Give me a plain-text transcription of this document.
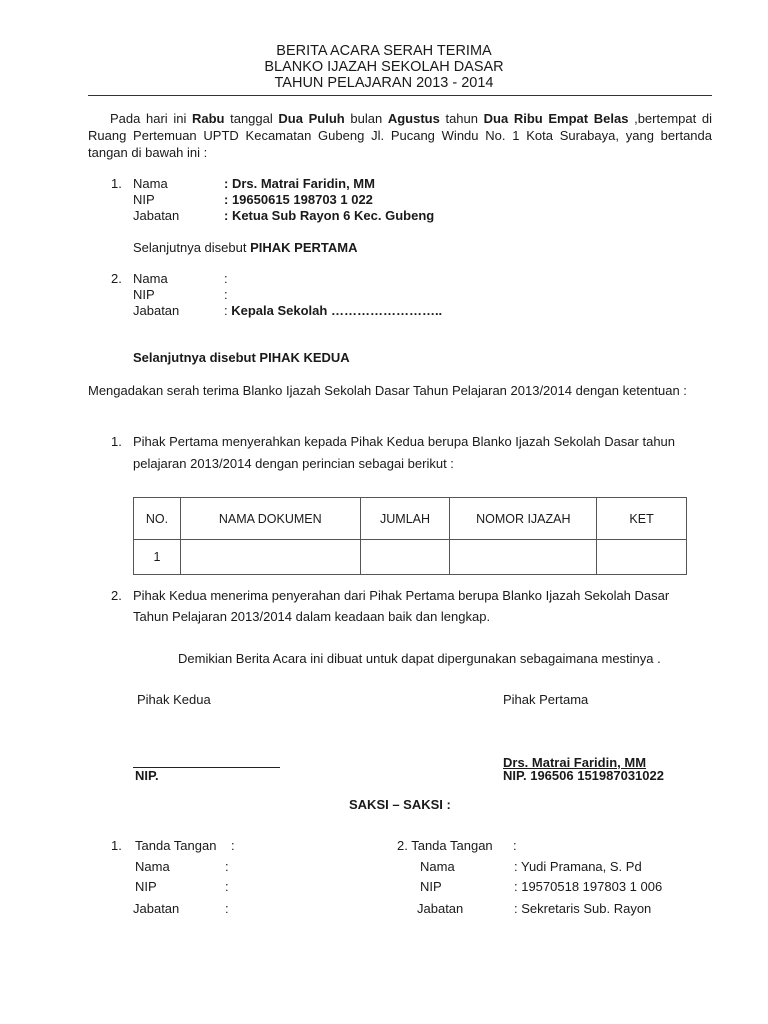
BERITA ACARA SERAH TERIMA
BLANKO IJAZAH SEKOLAH DASAR
TAHUN PELAJARAN 2013 - 2014
Pada hari ini Rabu tanggal Dua Puluh bulan Agustus tahun Dua Ribu Empat Belas ,bertempat di Ruang Pertemuan UPTD Kecamatan Gubeng Jl. Pucang Windu No. 1 Kota Surabaya, yang bertanda tangan di bawah ini :
1. Nama	: Drs. Matrai Faridin, MM
NIP	: 19650615 198703 1 022
Jabatan	: Ketua Sub Rayon 6 Kec. Gubeng
Selanjutnya disebut PIHAK PERTAMA
2. Nama	:
NIP	:
Jabatan	: Kepala Sekolah ……………………..
Selanjutnya disebut PIHAK KEDUA
Mengadakan serah terima Blanko Ijazah Sekolah Dasar Tahun Pelajaran 2013/2014 dengan ketentuan :
1. Pihak Pertama menyerahkan kepada Pihak Kedua berupa Blanko Ijazah Sekolah Dasar tahun
pelajaran 2013/2014 dengan perincian sebagai berikut :
NO.	NAMA DOKUMEN	JUMLAH	NOMOR IJAZAH	KET
1				
2. Pihak Kedua menerima penyerahan dari Pihak Pertama berupa Blanko Ijazah Sekolah Dasar
Tahun Pelajaran 2013/2014 dalam keadaan baik dan lengkap.
Demikian Berita Acara ini dibuat untuk dapat dipergunakan sebagaimana mestinya .
Pihak Kedua	Pihak Pertama
NIP.
Drs. Matrai Faridin, MM
NIP. 196506 151987031022
SAKSI – SAKSI :
1. Tanda Tangan :
Nama	:
NIP	:
Jabatan	:
2. Tanda Tangan :
Nama	: Yudi Pramana, S. Pd
NIP	: 19570518 197803 1 006
Jabatan	: Sekretaris Sub. Rayon
